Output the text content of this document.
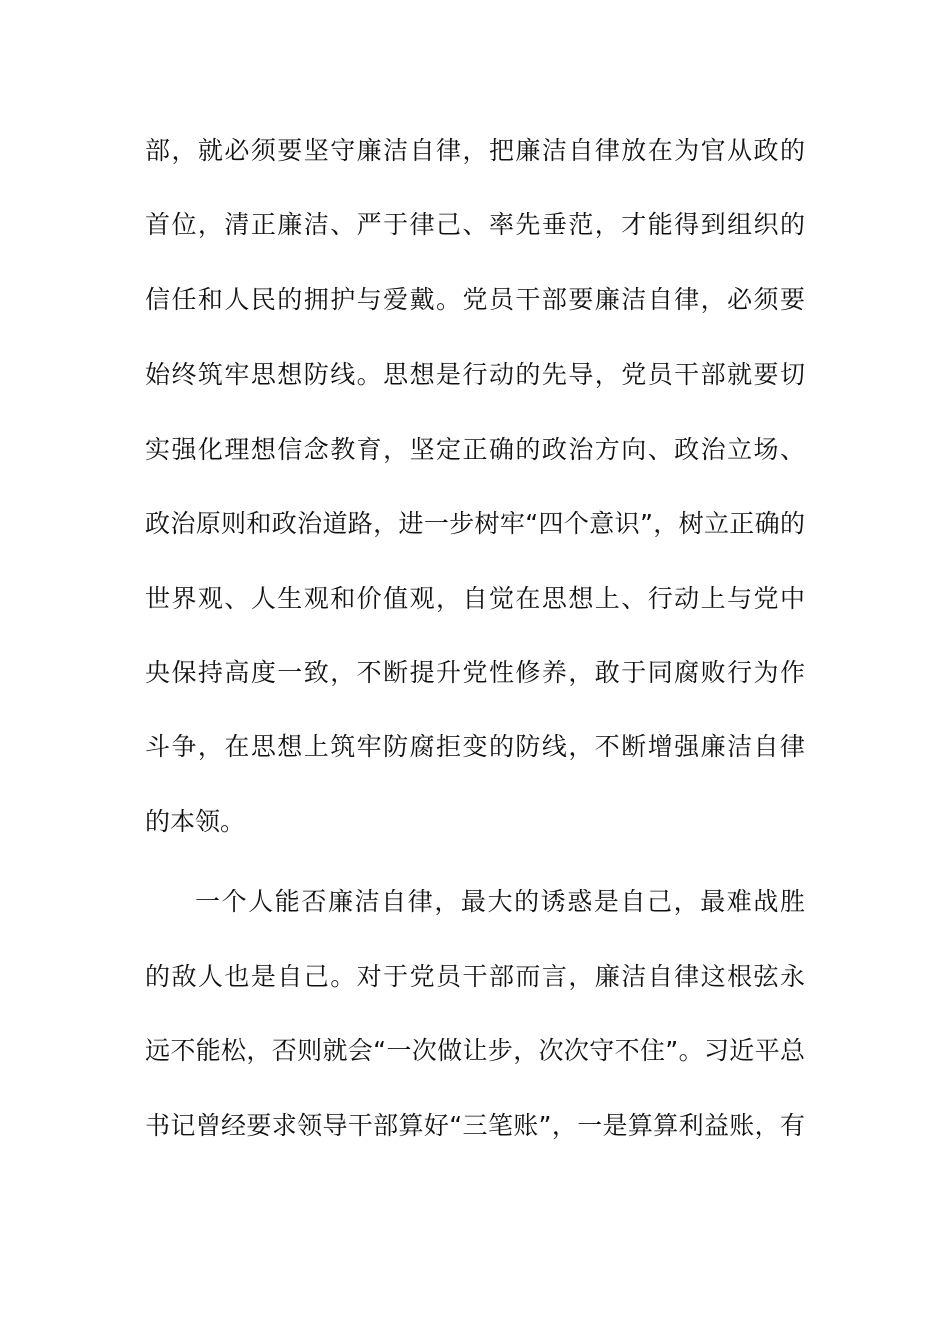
部，就必须要坚守廉洁自律，把廉洁自律放在为官从政的
首位，清正廉洁、严于律己、率先垂范，才能得到组织的
信任和人民的拥护与爱戴。党员干部要廉洁自律，必须要
始终筑牢思想防线。思想是行动的先导，党员干部就要切
实强化理想信念教育，坚定正确的政治方向、政治立场、
政治原则和政治道路，进一步树牢“四个意识”，树立正确的
世界观、人生观和价值观，自觉在思想上、行动上与党中
央保持高度一致，不断提升党性修养，敢于同腐败行为作
斗争，在思想上筑牢防腐拒变的防线，不断增强廉洁自律
的本领。
一个人能否廉洁自律，最大的诱惑是自己，最难战胜
的敌人也是自己。对于党员干部而言，廉洁自律这根弦永
远不能松，否则就会“一次做让步，次次守不住”。习近平总
书记曾经要求领导干部算好“三笔账”，一是算算利益账，有
